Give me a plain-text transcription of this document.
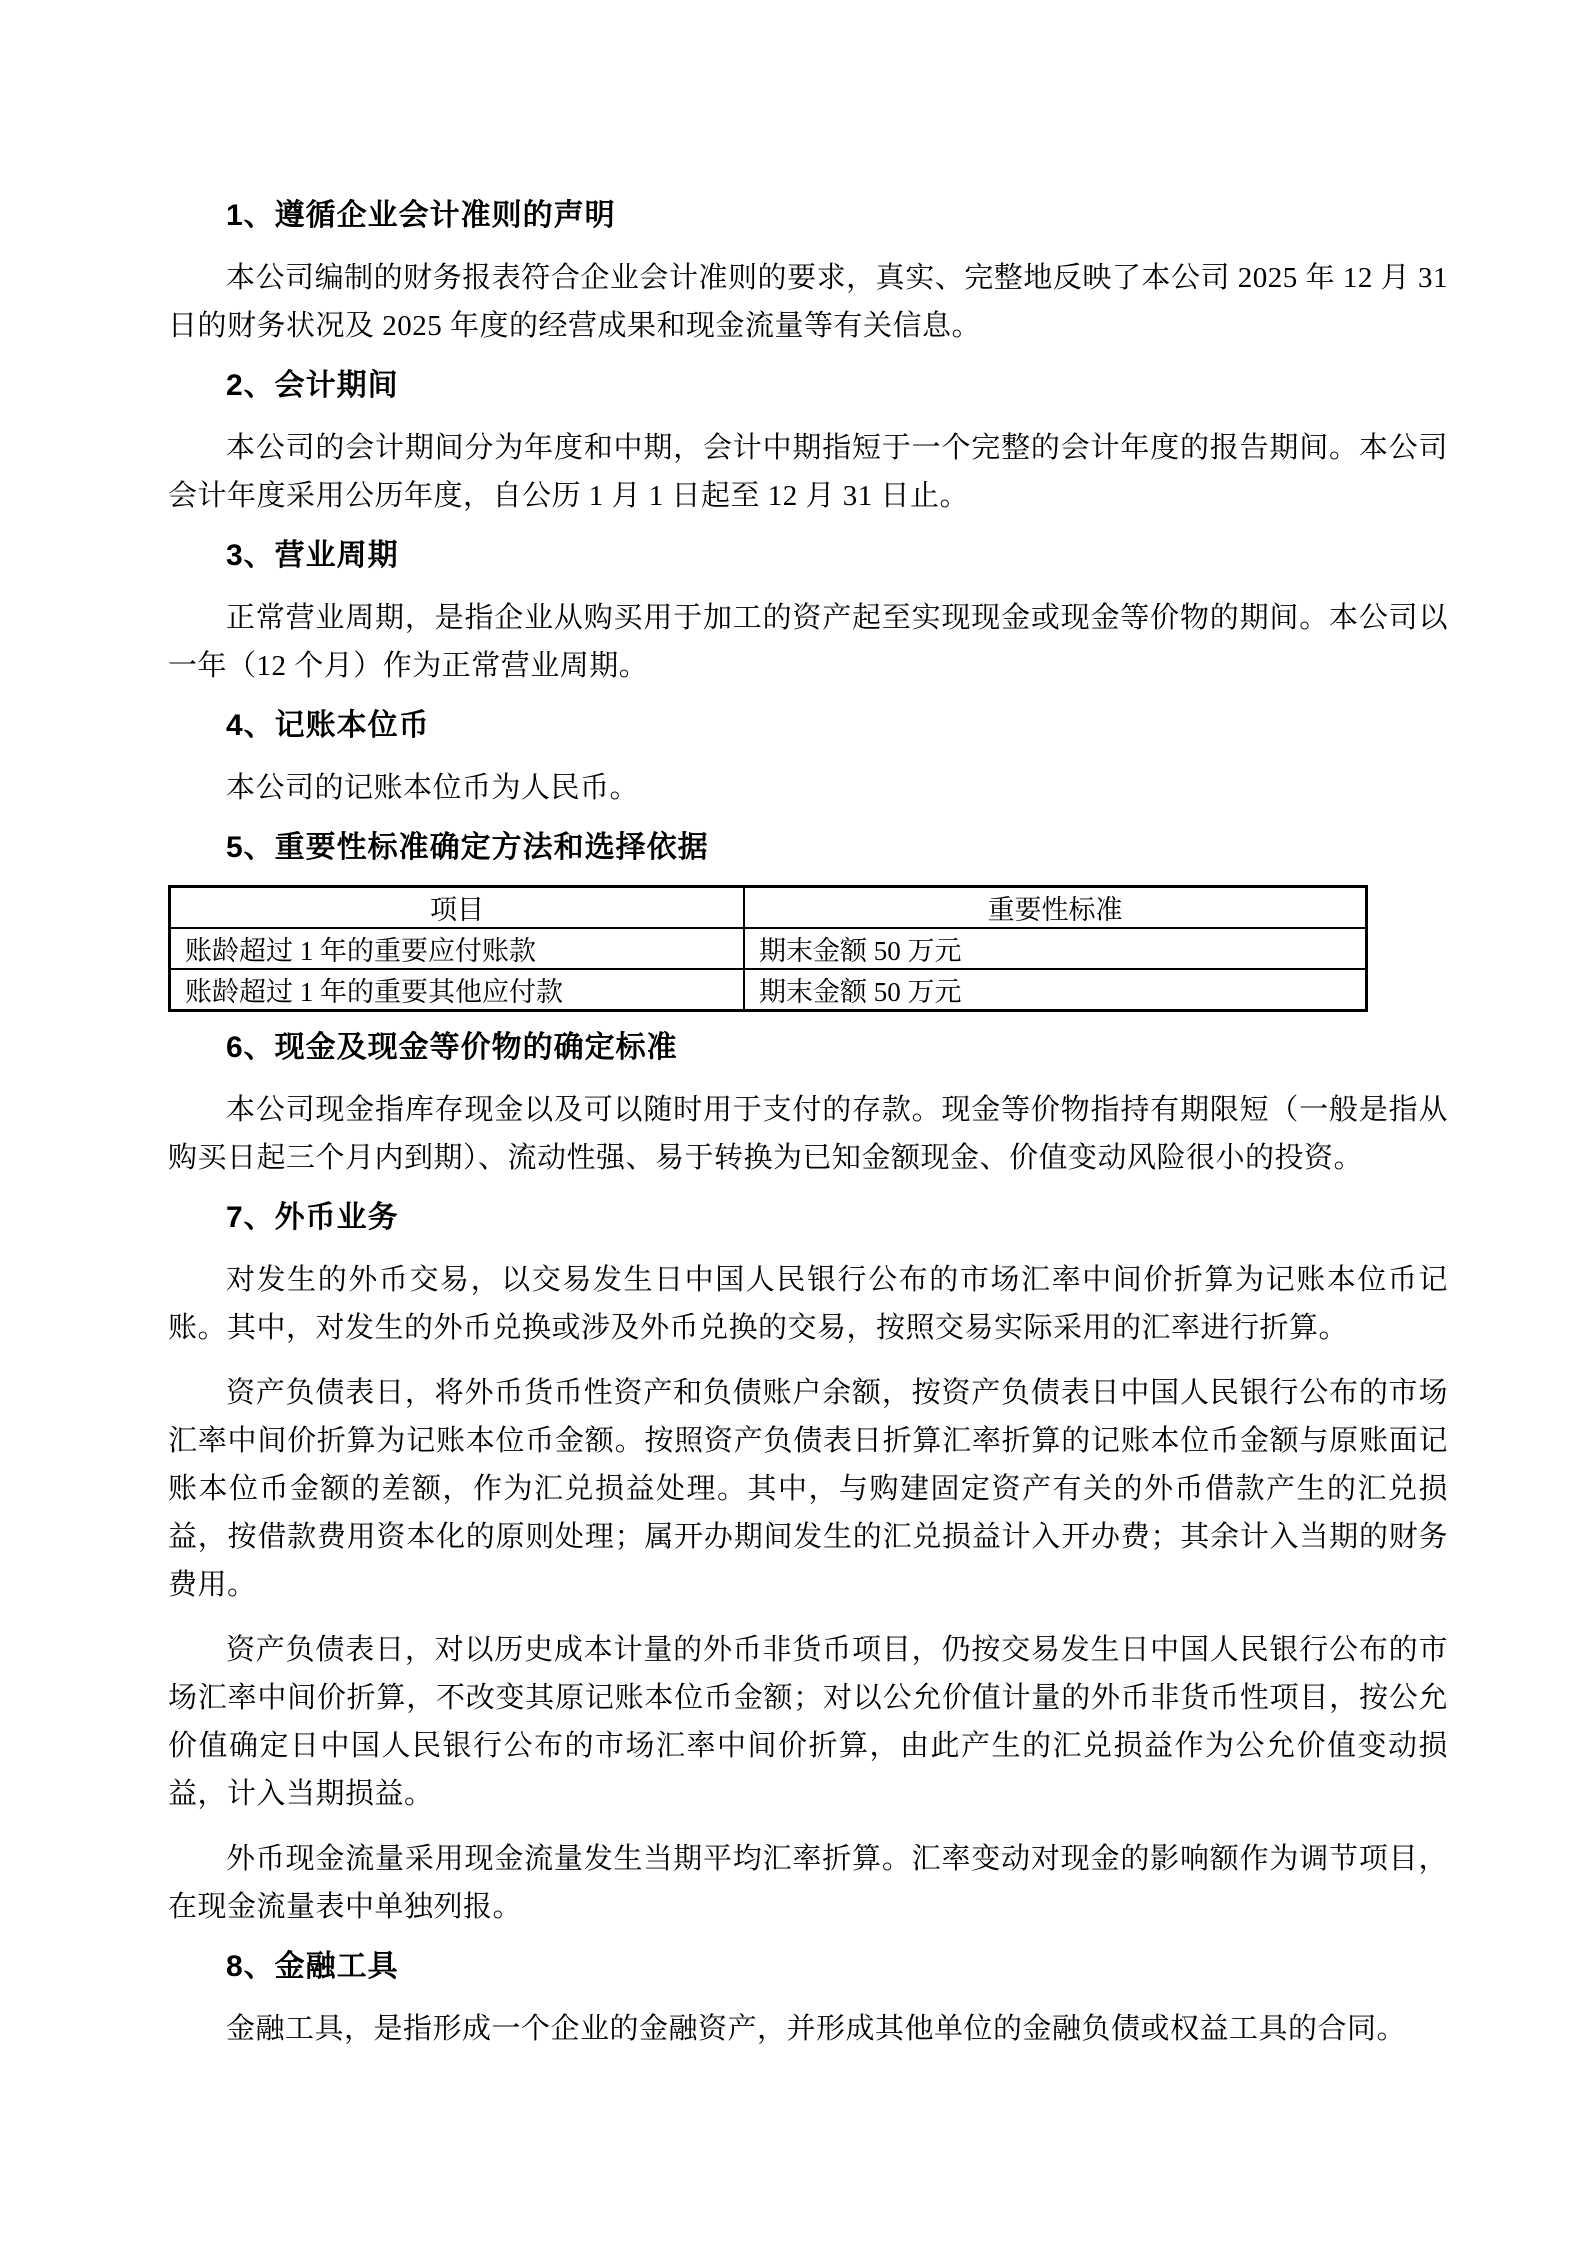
1、遵循企业会计准则的声明

本公司编制的财务报表符合企业会计准则的要求，真实、完整地反映了本公司 2025 年 12 月 31 日的财务状况及 2025 年度的经营成果和现金流量等有关信息。

2、会计期间

本公司的会计期间分为年度和中期，会计中期指短于一个完整的会计年度的报告期间。本公司会计年度采用公历年度，自公历 1 月 1 日起至 12 月 31 日止。

3、营业周期

正常营业周期，是指企业从购买用于加工的资产起至实现现金或现金等价物的期间。本公司以一年（12 个月）作为正常营业周期。

4、记账本位币

本公司的记账本位币为人民币。

5、重要性标准确定方法和选择依据
项目	重要性标准
账龄超过 1 年的重要应付账款	期末金额 50 万元
账龄超过 1 年的重要其他应付款	期末金额 50 万元
6、现金及现金等价物的确定标准

本公司现金指库存现金以及可以随时用于支付的存款。现金等价物指持有期限短（一般是指从购买日起三个月内到期）、流动性强、易于转换为已知金额现金、价值变动风险很小的投资。

7、外币业务

对发生的外币交易，以交易发生日中国人民银行公布的市场汇率中间价折算为记账本位币记账。其中，对发生的外币兑换或涉及外币兑换的交易，按照交易实际采用的汇率进行折算。

资产负债表日，将外币货币性资产和负债账户余额，按资产负债表日中国人民银行公布的市场汇率中间价折算为记账本位币金额。按照资产负债表日折算汇率折算的记账本位币金额与原账面记账本位币金额的差额，作为汇兑损益处理。其中，与购建固定资产有关的外币借款产生的汇兑损益，按借款费用资本化的原则处理；属开办期间发生的汇兑损益计入开办费；其余计入当期的财务费用。

资产负债表日，对以历史成本计量的外币非货币项目，仍按交易发生日中国人民银行公布的市场汇率中间价折算，不改变其原记账本位币金额；对以公允价值计量的外币非货币性项目，按公允价值确定日中国人民银行公布的市场汇率中间价折算，由此产生的汇兑损益作为公允价值变动损益，计入当期损益。

外币现金流量采用现金流量发生当期平均汇率折算。汇率变动对现金的影响额作为调节项目，在现金流量表中单独列报。

8、金融工具

金融工具，是指形成一个企业的金融资产，并形成其他单位的金融负债或权益工具的合同。
